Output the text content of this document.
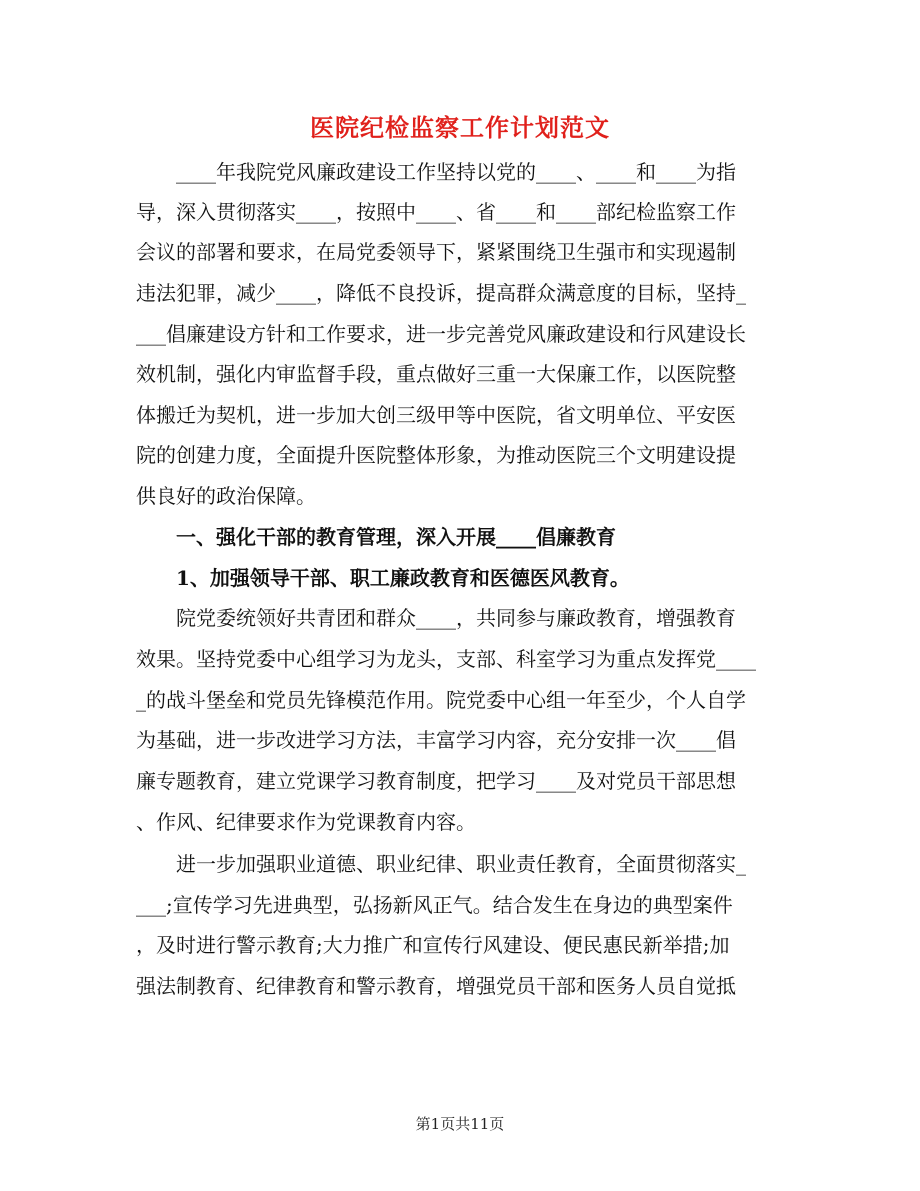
医院纪检监察工作计划范文
____年我院党风廉政建设工作坚持以党的____、____和____为指
导，深入贯彻落实____，按照中____、省____和____部纪检监察工作
会议的部署和要求，在局党委领导下，紧紧围绕卫生强市和实现遏制
违法犯罪，减少____，降低不良投诉，提高群众满意度的目标，坚持_
___倡廉建设方针和工作要求，进一步完善党风廉政建设和行风建设长
效机制，强化内审监督手段，重点做好三重一大保廉工作，以医院整
体搬迁为契机，进一步加大创三级甲等中医院，省文明单位、平安医
院的创建力度，全面提升医院整体形象，为推动医院三个文明建设提
供良好的政治保障。
一、强化干部的教育管理，深入开展____倡廉教育
1、加强领导干部、职工廉政教育和医德医风教育。
院党委统领好共青团和群众____，共同参与廉政教育，增强教育
效果。坚持党委中心组学习为龙头，支部、科室学习为重点发挥党____
_的战斗堡垒和党员先锋模范作用。院党委中心组一年至少，个人自学
为基础，进一步改进学习方法，丰富学习内容，充分安排一次____倡
廉专题教育，建立党课学习教育制度，把学习____及对党员干部思想
、作风、纪律要求作为党课教育内容。
进一步加强职业道德、职业纪律、职业责任教育，全面贯彻落实_
___;宣传学习先进典型，弘扬新风正气。结合发生在身边的典型案件
，及时进行警示教育;大力推广和宣传行风建设、便民惠民新举措;加
强法制教育、纪律教育和警示教育，增强党员干部和医务人员自觉抵
第1页共11页
